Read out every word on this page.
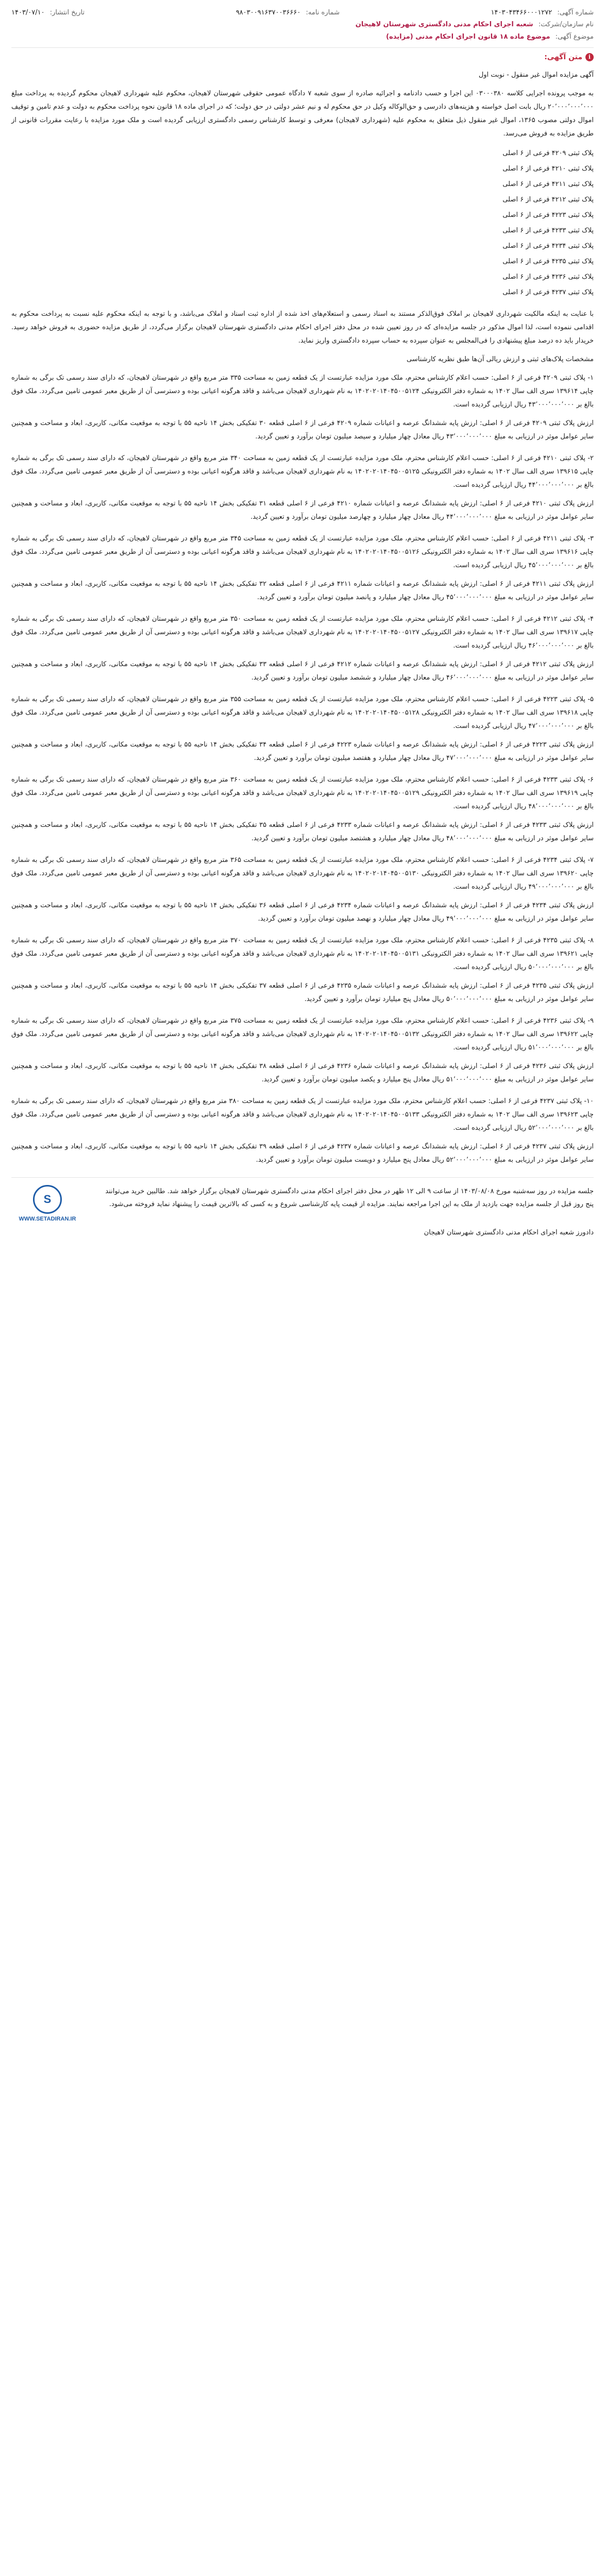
شماره آگهی: ۱۴۰۳۰۴۳۴۶۶۰۰۰۱۲۷۲
شماره نامه: ۹۸۰۳۰۰۹۱۶۳۷۰۰۳۶۶۶۰
تاریخ انتشار: ۱۴۰۳/۰۷/۱۰
نام سازمان/شرکت: شعبه اجرای احکام مدنی دادگستری شهرستان لاهیجان
موضوع آگهی: موضوع ماده ۱۸ قانون اجرای احکام مدنی (مزایده)
i
متن آگهی:

آگهی مزایده اموال غیر منقول - نوبت اول

به موجب پرونده اجرایی کلاسه ۰۳۰۰۰۳۸۰ این اجرا و حسب دادنامه و اجرائیه صادره از سوی شعبه ۷ دادگاه عمومی حقوقی شهرستان لاهیجان، محکوم علیه شهرداری لاهیجان محکوم گردیده به پرداخت مبلغ ۲۰٬۰۰۰٬۰۰۰٬۰۰۰ ریال بابت اصل خواسته و هزینه‌های دادرسی و حق‌الوکاله وکیل در حق محکوم له و نیم عشر دولتی در حق دولت؛ که در اجرای ماده ۱۸ قانون نحوه پرداخت محکوم به دولت و عدم تامین و توقیف اموال دولتی مصوب ۱۳۶۵، اموال غیر منقول ذیل متعلق به محکوم علیه (شهرداری لاهیجان) معرفی و توسط کارشناس رسمی دادگستری ارزیابی گردیده است و ملک مورد مزایده با رعایت مقررات قانونی از طریق مزایده به فروش می‌رسد.

پلاک ثبتی ۴۲۰۹ فرعی از ۶ اصلی
پلاک ثبتی ۴۲۱۰ فرعی از ۶ اصلی
پلاک ثبتی ۴۲۱۱ فرعی از ۶ اصلی
پلاک ثبتی ۴۲۱۲ فرعی از ۶ اصلی
پلاک ثبتی ۴۲۲۳ فرعی از ۶ اصلی
پلاک ثبتی ۴۲۳۳ فرعی از ۶ اصلی
پلاک ثبتی ۴۲۳۴ فرعی از ۶ اصلی
پلاک ثبتی ۴۲۳۵ فرعی از ۶ اصلی
پلاک ثبتی ۴۲۳۶ فرعی از ۶ اصلی
پلاک ثبتی ۴۲۳۷ فرعی از ۶ اصلی

با عنایت به اینکه مالکیت شهرداری لاهیجان بر املاک فوق‌الذکر مستند به اسناد رسمی و استعلام‌های اخذ شده از اداره ثبت اسناد و املاک می‌باشد، و با توجه به اینکه محکوم علیه نسبت به پرداخت محکوم به اقدامی ننموده است، لذا اموال مذکور در جلسه مزایده‌ای که در روز تعیین شده در محل دفتر اجرای احکام مدنی دادگستری شهرستان لاهیجان برگزار می‌گردد، از طریق مزایده حضوری به فروش خواهد رسید. خریدار باید ده درصد مبلغ پیشنهادی را فی‌المجلس به عنوان سپرده به حساب سپرده دادگستری واریز نماید.

مشخصات پلاک‌های ثبتی و ارزش ریالی آن‌ها طبق نظریه کارشناسی

۱- پلاک ثبتی ۴۲۰۹ فرعی از ۶ اصلی: حسب اعلام کارشناس محترم، ملک مورد مزایده عبارتست از یک قطعه زمین به مساحت ۳۳۵ متر مربع واقع در شهرستان لاهیجان، که دارای سند رسمی تک برگی به شماره چاپی ۱۳۹۶۱۴ سری الف سال ۱۴۰۲ به شماره دفتر الکترونیکی ۱۴۰۲۰۲۰۱۴۰۴۵۰۰۵۱۲۴ به نام شهرداری لاهیجان می‌باشد و فاقد هرگونه اعیانی بوده و دسترسی آن از طریق معبر عمومی تامین می‌گردد. ملک فوق بالغ بر ۴۳٬۰۰۰٬۰۰۰٬۰۰۰ ریال ارزیابی گردیده است.

ارزش پلاک ثبتی ۴۲۰۹ فرعی از ۶ اصلی: ارزش پایه ششدانگ عرصه و اعیانات شماره ۴۲۰۹ فرعی از ۶ اصلی قطعه ۳۰ تفکیکی بخش ۱۴ ناحیه ۵۵ با توجه به موقعیت مکانی، کاربری، ابعاد و مساحت و همچنین سایر عوامل موثر در ارزیابی به مبلغ ۴۳٬۰۰۰٬۰۰۰٬۰۰۰ ریال معادل چهار میلیارد و سیصد میلیون تومان برآورد و تعیین گردید.

۲- پلاک ثبتی ۴۲۱۰ فرعی از ۶ اصلی: حسب اعلام کارشناس محترم، ملک مورد مزایده عبارتست از یک قطعه زمین به مساحت ۳۴۰ متر مربع واقع در شهرستان لاهیجان، که دارای سند رسمی تک برگی به شماره چاپی ۱۳۹۶۱۵ سری الف سال ۱۴۰۲ به شماره دفتر الکترونیکی ۱۴۰۲۰۲۰۱۴۰۴۵۰۰۵۱۲۵ به نام شهرداری لاهیجان می‌باشد و فاقد هرگونه اعیانی بوده و دسترسی آن از طریق معبر عمومی تامین می‌گردد. ملک فوق بالغ بر ۴۴٬۰۰۰٬۰۰۰٬۰۰۰ ریال ارزیابی گردیده است.

ارزش پلاک ثبتی ۴۲۱۰ فرعی از ۶ اصلی: ارزش پایه ششدانگ عرصه و اعیانات شماره ۴۲۱۰ فرعی از ۶ اصلی قطعه ۳۱ تفکیکی بخش ۱۴ ناحیه ۵۵ با توجه به موقعیت مکانی، کاربری، ابعاد و مساحت و همچنین سایر عوامل موثر در ارزیابی به مبلغ ۴۴٬۰۰۰٬۰۰۰٬۰۰۰ ریال معادل چهار میلیارد و چهارصد میلیون تومان برآورد و تعیین گردید.

۳- پلاک ثبتی ۴۲۱۱ فرعی از ۶ اصلی: حسب اعلام کارشناس محترم، ملک مورد مزایده عبارتست از یک قطعه زمین به مساحت ۳۴۵ متر مربع واقع در شهرستان لاهیجان، که دارای سند رسمی تک برگی به شماره چاپی ۱۳۹۶۱۶ سری الف سال ۱۴۰۲ به شماره دفتر الکترونیکی ۱۴۰۲۰۲۰۱۴۰۴۵۰۰۵۱۲۶ به نام شهرداری لاهیجان می‌باشد و فاقد هرگونه اعیانی بوده و دسترسی آن از طریق معبر عمومی تامین می‌گردد. ملک فوق بالغ بر ۴۵٬۰۰۰٬۰۰۰٬۰۰۰ ریال ارزیابی گردیده است.

ارزش پلاک ثبتی ۴۲۱۱ فرعی از ۶ اصلی: ارزش پایه ششدانگ عرصه و اعیانات شماره ۴۲۱۱ فرعی از ۶ اصلی قطعه ۳۲ تفکیکی بخش ۱۴ ناحیه ۵۵ با توجه به موقعیت مکانی، کاربری، ابعاد و مساحت و همچنین سایر عوامل موثر در ارزیابی به مبلغ ۴۵٬۰۰۰٬۰۰۰٬۰۰۰ ریال معادل چهار میلیارد و پانصد میلیون تومان برآورد و تعیین گردید.

۴- پلاک ثبتی ۴۲۱۲ فرعی از ۶ اصلی: حسب اعلام کارشناس محترم، ملک مورد مزایده عبارتست از یک قطعه زمین به مساحت ۳۵۰ متر مربع واقع در شهرستان لاهیجان، که دارای سند رسمی تک برگی به شماره چاپی ۱۳۹۶۱۷ سری الف سال ۱۴۰۲ به شماره دفتر الکترونیکی ۱۴۰۲۰۲۰۱۴۰۴۵۰۰۵۱۲۷ به نام شهرداری لاهیجان می‌باشد و فاقد هرگونه اعیانی بوده و دسترسی آن از طریق معبر عمومی تامین می‌گردد. ملک فوق بالغ بر ۴۶٬۰۰۰٬۰۰۰٬۰۰۰ ریال ارزیابی گردیده است.

ارزش پلاک ثبتی ۴۲۱۲ فرعی از ۶ اصلی: ارزش پایه ششدانگ عرصه و اعیانات شماره ۴۲۱۲ فرعی از ۶ اصلی قطعه ۳۳ تفکیکی بخش ۱۴ ناحیه ۵۵ با توجه به موقعیت مکانی، کاربری، ابعاد و مساحت و همچنین سایر عوامل موثر در ارزیابی به مبلغ ۴۶٬۰۰۰٬۰۰۰٬۰۰۰ ریال معادل چهار میلیارد و ششصد میلیون تومان برآورد و تعیین گردید.

۵- پلاک ثبتی ۴۲۲۳ فرعی از ۶ اصلی: حسب اعلام کارشناس محترم، ملک مورد مزایده عبارتست از یک قطعه زمین به مساحت ۳۵۵ متر مربع واقع در شهرستان لاهیجان، که دارای سند رسمی تک برگی به شماره چاپی ۱۳۹۶۱۸ سری الف سال ۱۴۰۲ به شماره دفتر الکترونیکی ۱۴۰۲۰۲۰۱۴۰۴۵۰۰۵۱۲۸ به نام شهرداری لاهیجان می‌باشد و فاقد هرگونه اعیانی بوده و دسترسی آن از طریق معبر عمومی تامین می‌گردد. ملک فوق بالغ بر ۴۷٬۰۰۰٬۰۰۰٬۰۰۰ ریال ارزیابی گردیده است.

ارزش پلاک ثبتی ۴۲۲۳ فرعی از ۶ اصلی: ارزش پایه ششدانگ عرصه و اعیانات شماره ۴۲۲۳ فرعی از ۶ اصلی قطعه ۳۴ تفکیکی بخش ۱۴ ناحیه ۵۵ با توجه به موقعیت مکانی، کاربری، ابعاد و مساحت و همچنین سایر عوامل موثر در ارزیابی به مبلغ ۴۷٬۰۰۰٬۰۰۰٬۰۰۰ ریال معادل چهار میلیارد و هفتصد میلیون تومان برآورد و تعیین گردید.

۶- پلاک ثبتی ۴۲۳۳ فرعی از ۶ اصلی: حسب اعلام کارشناس محترم، ملک مورد مزایده عبارتست از یک قطعه زمین به مساحت ۳۶۰ متر مربع واقع در شهرستان لاهیجان، که دارای سند رسمی تک برگی به شماره چاپی ۱۳۹۶۱۹ سری الف سال ۱۴۰۲ به شماره دفتر الکترونیکی ۱۴۰۲۰۲۰۱۴۰۴۵۰۰۵۱۲۹ به نام شهرداری لاهیجان می‌باشد و فاقد هرگونه اعیانی بوده و دسترسی آن از طریق معبر عمومی تامین می‌گردد. ملک فوق بالغ بر ۴۸٬۰۰۰٬۰۰۰٬۰۰۰ ریال ارزیابی گردیده است.

ارزش پلاک ثبتی ۴۲۳۳ فرعی از ۶ اصلی: ارزش پایه ششدانگ عرصه و اعیانات شماره ۴۲۳۳ فرعی از ۶ اصلی قطعه ۳۵ تفکیکی بخش ۱۴ ناحیه ۵۵ با توجه به موقعیت مکانی، کاربری، ابعاد و مساحت و همچنین سایر عوامل موثر در ارزیابی به مبلغ ۴۸٬۰۰۰٬۰۰۰٬۰۰۰ ریال معادل چهار میلیارد و هشتصد میلیون تومان برآورد و تعیین گردید.

۷- پلاک ثبتی ۴۲۳۴ فرعی از ۶ اصلی: حسب اعلام کارشناس محترم، ملک مورد مزایده عبارتست از یک قطعه زمین به مساحت ۳۶۵ متر مربع واقع در شهرستان لاهیجان، که دارای سند رسمی تک برگی به شماره چاپی ۱۳۹۶۲۰ سری الف سال ۱۴۰۲ به شماره دفتر الکترونیکی ۱۴۰۲۰۲۰۱۴۰۴۵۰۰۵۱۳۰ به نام شهرداری لاهیجان می‌باشد و فاقد هرگونه اعیانی بوده و دسترسی آن از طریق معبر عمومی تامین می‌گردد. ملک فوق بالغ بر ۴۹٬۰۰۰٬۰۰۰٬۰۰۰ ریال ارزیابی گردیده است.

ارزش پلاک ثبتی ۴۲۳۴ فرعی از ۶ اصلی: ارزش پایه ششدانگ عرصه و اعیانات شماره ۴۲۳۴ فرعی از ۶ اصلی قطعه ۳۶ تفکیکی بخش ۱۴ ناحیه ۵۵ با توجه به موقعیت مکانی، کاربری، ابعاد و مساحت و همچنین سایر عوامل موثر در ارزیابی به مبلغ ۴۹٬۰۰۰٬۰۰۰٬۰۰۰ ریال معادل چهار میلیارد و نهصد میلیون تومان برآورد و تعیین گردید.

۸- پلاک ثبتی ۴۲۳۵ فرعی از ۶ اصلی: حسب اعلام کارشناس محترم، ملک مورد مزایده عبارتست از یک قطعه زمین به مساحت ۳۷۰ متر مربع واقع در شهرستان لاهیجان، که دارای سند رسمی تک برگی به شماره چاپی ۱۳۹۶۲۱ سری الف سال ۱۴۰۲ به شماره دفتر الکترونیکی ۱۴۰۲۰۲۰۱۴۰۴۵۰۰۵۱۳۱ به نام شهرداری لاهیجان می‌باشد و فاقد هرگونه اعیانی بوده و دسترسی آن از طریق معبر عمومی تامین می‌گردد. ملک فوق بالغ بر ۵۰٬۰۰۰٬۰۰۰٬۰۰۰ ریال ارزیابی گردیده است.

ارزش پلاک ثبتی ۴۲۳۵ فرعی از ۶ اصلی: ارزش پایه ششدانگ عرصه و اعیانات شماره ۴۲۳۵ فرعی از ۶ اصلی قطعه ۳۷ تفکیکی بخش ۱۴ ناحیه ۵۵ با توجه به موقعیت مکانی، کاربری، ابعاد و مساحت و همچنین سایر عوامل موثر در ارزیابی به مبلغ ۵۰٬۰۰۰٬۰۰۰٬۰۰۰ ریال معادل پنج میلیارد تومان برآورد و تعیین گردید.

۹- پلاک ثبتی ۴۲۳۶ فرعی از ۶ اصلی: حسب اعلام کارشناس محترم، ملک مورد مزایده عبارتست از یک قطعه زمین به مساحت ۳۷۵ متر مربع واقع در شهرستان لاهیجان، که دارای سند رسمی تک برگی به شماره چاپی ۱۳۹۶۲۲ سری الف سال ۱۴۰۲ به شماره دفتر الکترونیکی ۱۴۰۲۰۲۰۱۴۰۴۵۰۰۵۱۳۲ به نام شهرداری لاهیجان می‌باشد و فاقد هرگونه اعیانی بوده و دسترسی آن از طریق معبر عمومی تامین می‌گردد. ملک فوق بالغ بر ۵۱٬۰۰۰٬۰۰۰٬۰۰۰ ریال ارزیابی گردیده است.

ارزش پلاک ثبتی ۴۲۳۶ فرعی از ۶ اصلی: ارزش پایه ششدانگ عرصه و اعیانات شماره ۴۲۳۶ فرعی از ۶ اصلی قطعه ۳۸ تفکیکی بخش ۱۴ ناحیه ۵۵ با توجه به موقعیت مکانی، کاربری، ابعاد و مساحت و همچنین سایر عوامل موثر در ارزیابی به مبلغ ۵۱٬۰۰۰٬۰۰۰٬۰۰۰ ریال معادل پنج میلیارد و یکصد میلیون تومان برآورد و تعیین گردید.

۱۰- پلاک ثبتی ۴۲۳۷ فرعی از ۶ اصلی: حسب اعلام کارشناس محترم، ملک مورد مزایده عبارتست از یک قطعه زمین به مساحت ۳۸۰ متر مربع واقع در شهرستان لاهیجان، که دارای سند رسمی تک برگی به شماره چاپی ۱۳۹۶۲۳ سری الف سال ۱۴۰۲ به شماره دفتر الکترونیکی ۱۴۰۲۰۲۰۱۴۰۴۵۰۰۵۱۳۳ به نام شهرداری لاهیجان می‌باشد و فاقد هرگونه اعیانی بوده و دسترسی آن از طریق معبر عمومی تامین می‌گردد. ملک فوق بالغ بر ۵۲٬۰۰۰٬۰۰۰٬۰۰۰ ریال ارزیابی گردیده است.

ارزش پلاک ثبتی ۴۲۳۷ فرعی از ۶ اصلی: ارزش پایه ششدانگ عرصه و اعیانات شماره ۴۲۳۷ فرعی از ۶ اصلی قطعه ۳۹ تفکیکی بخش ۱۴ ناحیه ۵۵ با توجه به موقعیت مکانی، کاربری، ابعاد و مساحت و همچنین سایر عوامل موثر در ارزیابی به مبلغ ۵۲٬۰۰۰٬۰۰۰٬۰۰۰ ریال معادل پنج میلیارد و دویست میلیون تومان برآورد و تعیین گردید.

جلسه مزایده در روز سه‌شنبه مورخ ۱۴۰۳/۰۸/۰۸ از ساعت ۹ الی ۱۲ ظهر در محل دفتر اجرای احکام مدنی دادگستری شهرستان لاهیجان برگزار خواهد شد. طالبین خرید می‌توانند پنج روز قبل از جلسه مزایده جهت بازدید از ملک به این اجرا مراجعه نمایند. مزایده از قیمت پایه کارشناسی شروع و به کسی که بالاترین قیمت را پیشنهاد نماید فروخته می‌شود.
S
WWW.SETADIRAN.IR
دادورز شعبه اجرای احکام مدنی دادگستری شهرستان لاهیجان
